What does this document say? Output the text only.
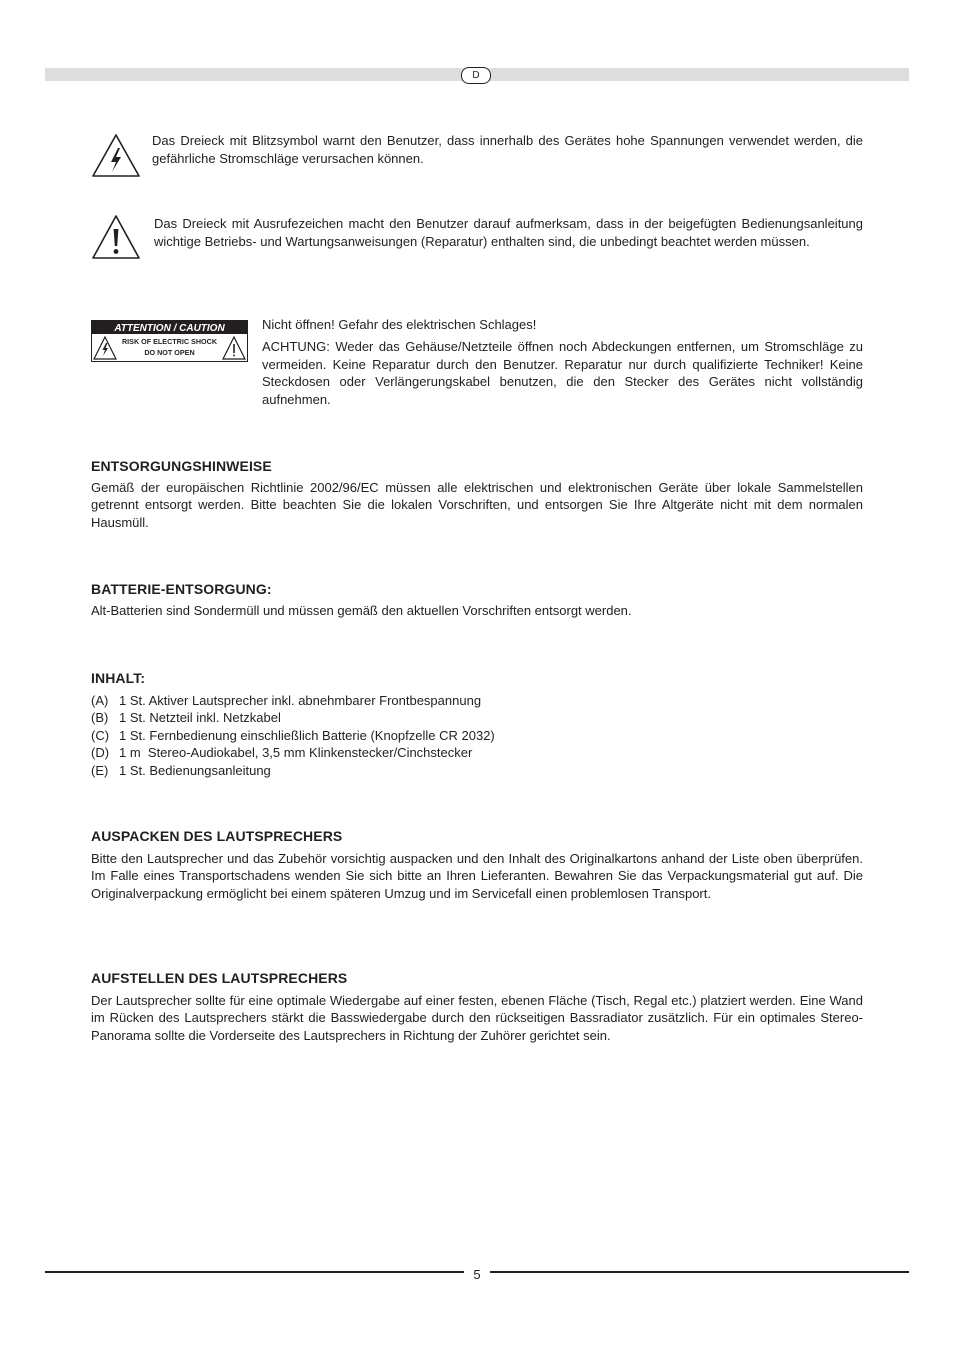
D

Das Dreieck mit Blitzsymbol warnt den Benutzer, dass innerhalb des Gerätes hohe Spannungen verwendet werden, die gefährliche Stromschläge verursachen können.

Das Dreieck mit Ausrufezeichen macht den Benutzer darauf aufmerksam, dass in der beigefügten Bedienungsanleitung wichtige Betriebs- und Wartungsanweisungen (Reparatur) enthalten sind, die unbedingt beachtet werden müssen.

ATTENTION / CAUTION
RISK OF ELECTRIC SHOCK
DO NOT OPEN

Nicht öffnen! Gefahr des elektrischen Schlages!

ACHTUNG: Weder das Gehäuse/Netzteile öffnen noch Abdeckungen entfernen, um Stromschläge zu vermeiden. Keine Reparatur durch den Benutzer. Reparatur nur durch qualifizierte Techniker! Keine Steckdosen oder Verlängerungskabel benutzen, die den Stecker des Gerätes nicht vollständig aufnehmen.

ENTSORGUNGSHINWEISE

Gemäß der europäischen Richtlinie 2002/96/EC müssen alle elektrischen und elektronischen Geräte über lokale Sammelstellen getrennt entsorgt werden. Bitte beachten Sie die lokalen Vorschriften, und entsorgen Sie Ihre Altgeräte nicht mit dem normalen Hausmüll.

BATTERIE-ENTSORGUNG:

Alt-Batterien sind Sondermüll und müssen gemäß den aktuellen Vorschriften entsorgt werden.

INHALT:
(A) 1 St. Aktiver Lautsprecher inkl. abnehmbarer Frontbespannung
(B) 1 St. Netzteil inkl. Netzkabel
(C) 1 St. Fernbedienung einschließlich Batterie (Knopfzelle CR 2032)
(D) 1 m  Stereo-Audiokabel, 3,5 mm Klinkenstecker/Cinchstecker
(E) 1 St. Bedienungsanleitung
AUSPACKEN DES LAUTSPRECHERS

Bitte den Lautsprecher und das Zubehör vorsichtig auspacken und den Inhalt des Originalkartons anhand der Liste oben überprüfen. Im Falle eines Transportschadens wenden Sie sich bitte an Ihren Lieferanten. Bewahren Sie das Verpackungsmaterial gut auf. Die Originalverpackung ermöglicht bei einem späteren Umzug und im Servicefall einen problemlosen Transport.

AUFSTELLEN DES LAUTSPRECHERS

Der Lautsprecher sollte für eine optimale Wiedergabe auf einer festen, ebenen Fläche (Tisch, Regal etc.) platziert werden. Eine Wand im Rücken des Lautsprechers stärkt die Basswiedergabe durch den rückseitigen Bassradiator zusätzlich. Für ein optimales Stereo-Panorama sollte die Vorderseite des Lautsprechers in Richtung der Zuhörer gerichtet sein.

5
